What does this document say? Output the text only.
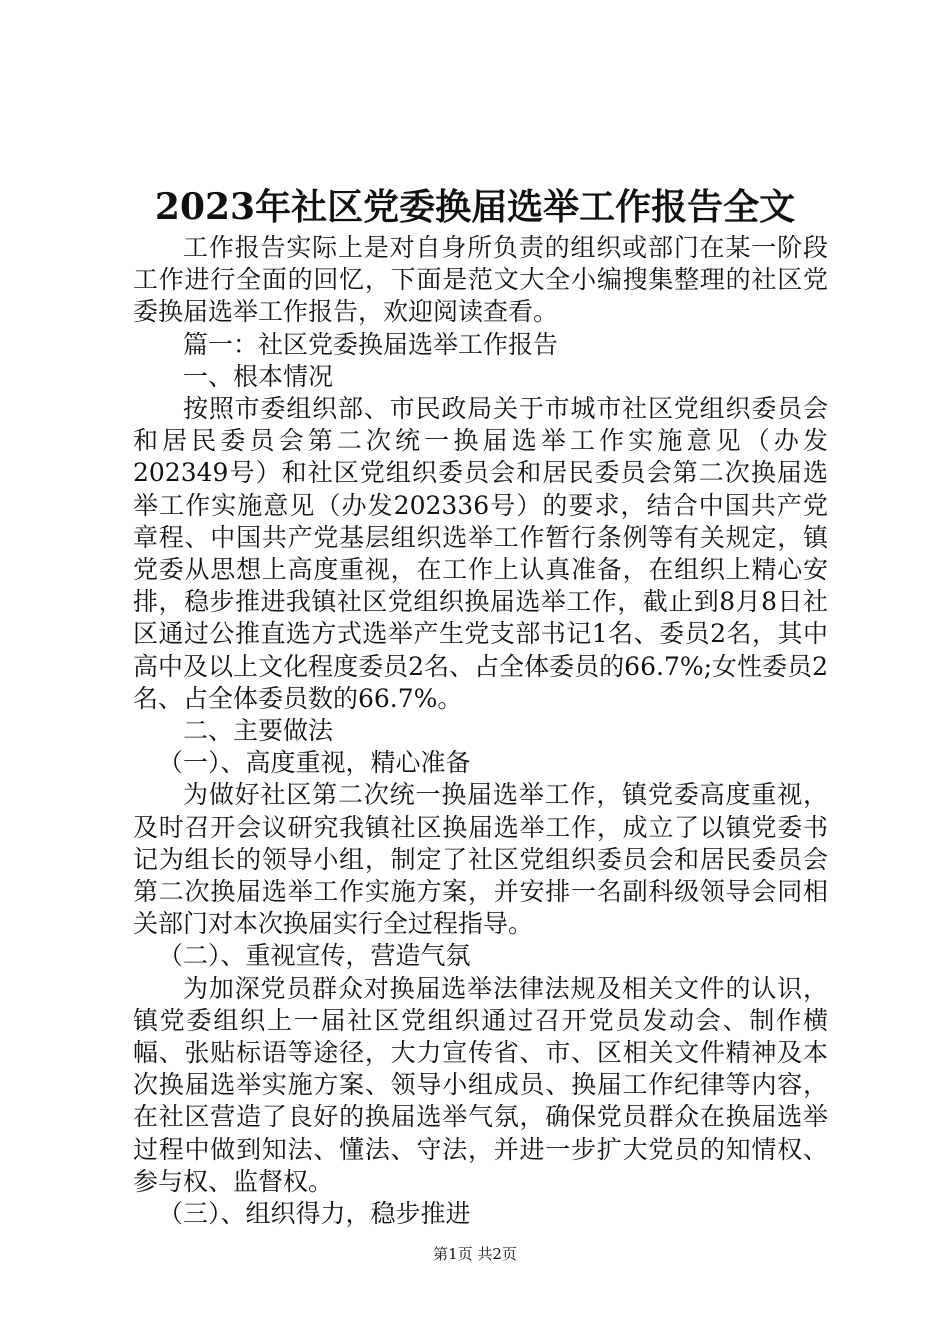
2023年社区党委换届选举工作报告全文

工作报告实际上是对自身所负责的组织或部门在某一阶段工作进行全面的回忆，下面是范文大全小编搜集整理的社区党委换届选举工作报告，欢迎阅读查看。

篇一：社区党委换届选举工作报告

一、根本情况

按照市委组织部、市民政局关于市城市社区党组织委员会和居民委员会第二次统一换届选举工作实施意见（办发202349号）和社区党组织委员会和居民委员会第二次换届选举工作实施意见（办发202336号）的要求，结合中国共产党章程、中国共产党基层组织选举工作暂行条例等有关规定，镇党委从思想上高度重视，在工作上认真准备，在组织上精心安排，稳步推进我镇社区党组织换届选举工作，截止到8月8日社区通过公推直选方式选举产生党支部书记1名、委员2名，其中高中及以上文化程度委员2名、占全体委员的66.7%;女性委员2名、占全体委员数的66.7%。

二、主要做法

（一）、高度重视，精心准备

为做好社区第二次统一换届选举工作，镇党委高度重视，及时召开会议研究我镇社区换届选举工作，成立了以镇党委书记为组长的领导小组，制定了社区党组织委员会和居民委员会第二次换届选举工作实施方案，并安排一名副科级领导会同相关部门对本次换届实行全过程指导。

（二）、重视宣传，营造气氛

为加深党员群众对换届选举法律法规及相关文件的认识，镇党委组织上一届社区党组织通过召开党员发动会、制作横幅、张贴标语等途径，大力宣传省、市、区相关文件精神及本次换届选举实施方案、领导小组成员、换届工作纪律等内容，在社区营造了良好的换届选举气氛，确保党员群众在换届选举过程中做到知法、懂法、守法，并进一步扩大党员的知情权、参与权、监督权。

（三）、组织得力，稳步推进

第1页 共2页
